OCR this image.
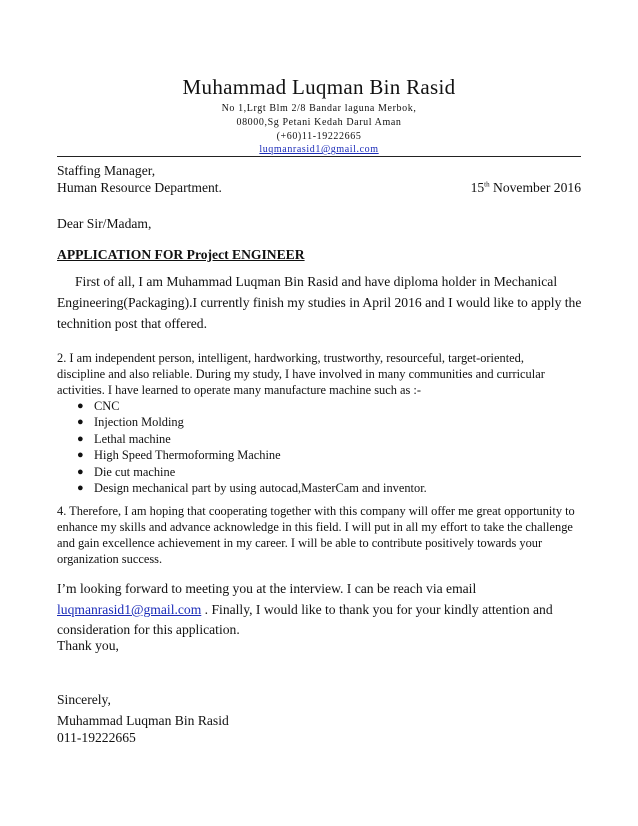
Muhammad Luqman Bin Rasid
No 1,Lrgt Blm 2/8 Bandar laguna Merbok,
08000,Sg Petani Kedah Darul Aman
(+60)11-19222665
luqmanrasid1@gmail.com
Staffing Manager,
Human Resource Department.	15th November 2016
Dear Sir/Madam,
APPLICATION FOR Project ENGINEER
First of all, I am Muhammad Luqman Bin Rasid and have diploma holder in Mechanical
Engineering(Packaging).I currently finish my studies in April 2016 and I would like to apply the
technition post that offered.
2. I am independent person, intelligent, hardworking, trustworthy, resourceful, target-oriented,
discipline and also reliable. During my study, I have involved in many communities and curricular
activities. I have learned to operate many manufacture machine such as :-
● CNC
● Injection Molding
● Lethal machine
● High Speed Thermoforming Machine
● Die cut machine
● Design mechanical part by using autocad,MasterCam and inventor.
4. Therefore, I am hoping that cooperating together with this company will offer me great opportunity to
enhance my skills and advance acknowledge in this field. I will put in all my effort to take the challenge
and gain excellence achievement in my career. I will be able to contribute positively towards your
organization success.
I’m looking forward to meeting you at the interview. I can be reach via email
luqmanrasid1@gmail.com . Finally, I would like to thank you for your kindly attention and
consideration for this application.
Thank you,
Sincerely,
Muhammad Luqman Bin Rasid
011-19222665
